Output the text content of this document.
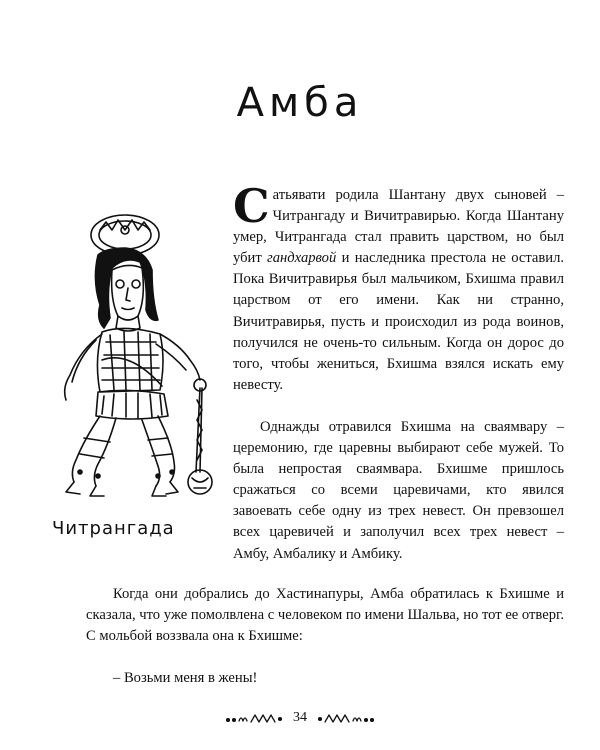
Амба
Читрангада

Сатьявати родила Шантану двух сыновей – Читрангаду и Вичитравирью. Когда Шантану умер, Читрангада стал править царством, но был убит гандхарвой и наследника престола не оставил. Пока Вичитравирья был мальчиком, Бхишма правил царством от его имени. Как ни странно, Вичитравирья, пусть и происходил из рода воинов, получился не очень-то сильным. Когда он дорос до того, чтобы жениться, Бхишма взялся искать ему невесту.

Однажды отравился Бхишма на сваямвару – церемонию, где царевны выбирают себе мужей. То была непростая сваямвара. Бхишме пришлось сражаться со всеми царевичами, кто явился завоевать себе одну из трех невест. Он превзошел всех царевичей и заполучил всех трех невест – Амбу, Амбалику и Амбику.

Когда они добрались до Хастинапуры, Амба обратилась к Бхишме и сказала, что уже помолвлена с человеком по имени Шальва, но тот ее отверг. С мольбой воззвала она к Бхишме:

– Возьми меня в жены!

34
